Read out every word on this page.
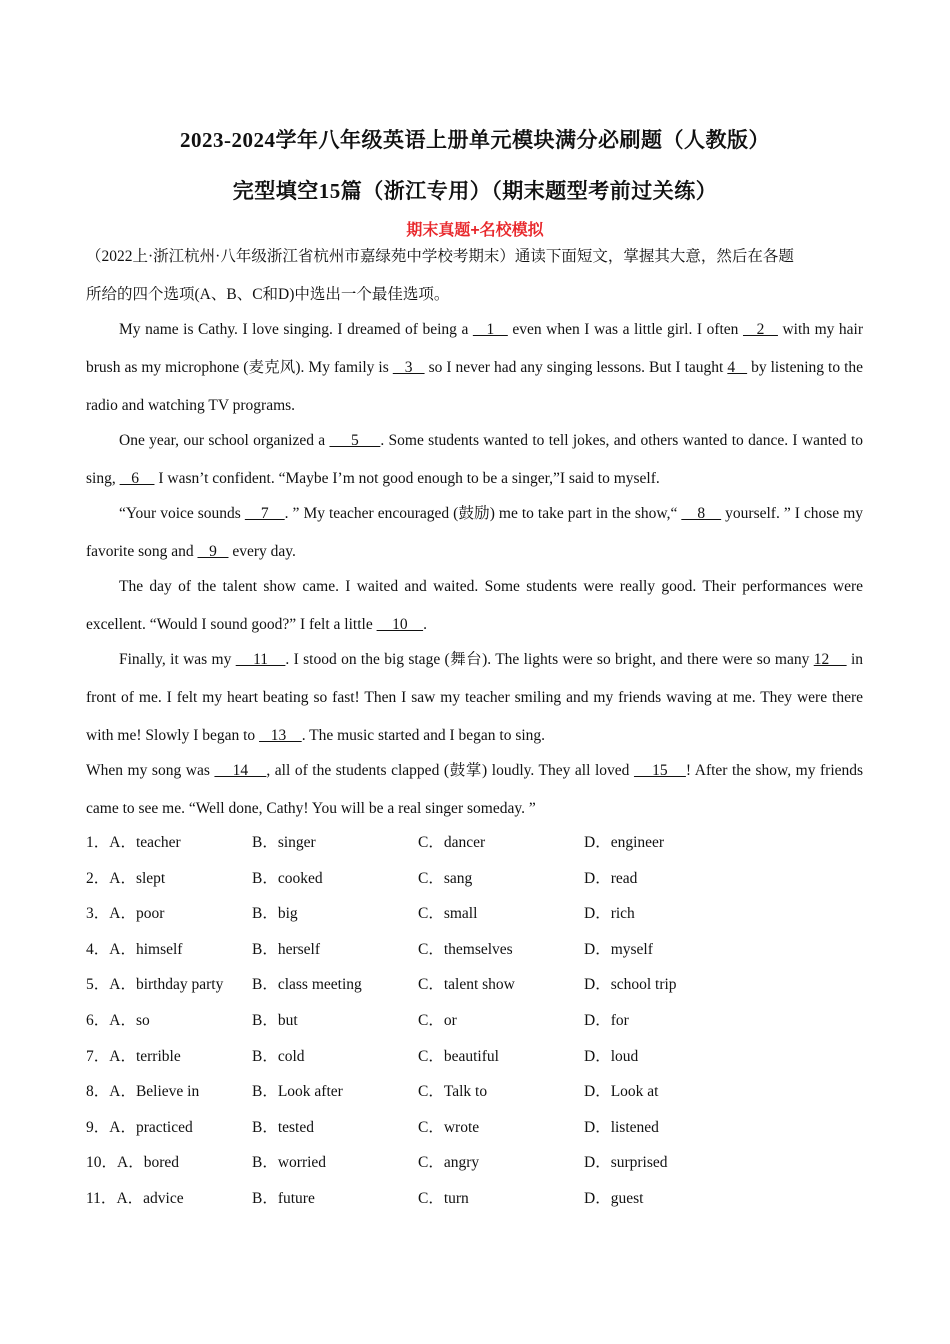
2023-2024学年八年级英语上册单元模块满分必刷题（人教版）
完型填空15篇（浙江专用）（期末题型考前过关练）
期末真题+名校模拟

（2022上·浙江杭州·八年级浙江省杭州市嘉绿苑中学校考期末）通读下面短文，掌握其大意，然后在各题
所给的四个选项(A、B、C和D)中选出一个最佳选项。

My name is Cathy. I love singing. I dreamed of being a    1    even when I was a little girl. I often    2    with my hair brush as my microphone (麦克风). My family is    3    so I never had any singing lessons. But I taught 4    by listening to the radio and watching TV programs.

One year, our school organized a      5     . Some students wanted to tell jokes, and others wanted to dance. I wanted to sing,    6     I wasn’t confident. “Maybe I’m not good enough to be a singer,”I said to myself.

“Your voice sounds     7    . ” My teacher encouraged (鼓励) me to take part in the show,“     8     yourself. ” I chose my favorite song and    9    every day.

The day of the talent show came. I waited and waited. Some students were really good. Their performances were excellent. “Would I sound good?” I felt a little     10    .

Finally, it was my     11    . I stood on the big stage (舞台). The lights were so bright, and there were so many 12     in front of me. I felt my heart beating so fast! Then I saw my teacher smiling and my friends waving at me. They were there with me! Slowly I began to    13    . The music started and I began to sing.

When my song was     14    , all of the students clapped (鼓掌) loudly. They all loved     15    ! After the show, my friends came to see me. “Well done, Cathy! You will be a real singer someday. ”

1．A．teacher	B．singer	C．dancer	D．engineer
2．A．slept	B．cooked	C．sang	D．read
3．A．poor	B．big	C．small	D．rich
4．A．himself	B．herself	C．themselves	D．myself
5．A．birthday party	B．class meeting	C．talent show	D．school trip
6．A．so	B．but	C．or	D．for
7．A．terrible	B．cold	C．beautiful	D．loud
8．A．Believe in	B．Look after	C．Talk to	D．Look at
9．A．practiced	B．tested	C．wrote	D．listened
10．A．bored	B．worried	C．angry	D．surprised
11．A．advice	B．future	C．turn	D．guest
